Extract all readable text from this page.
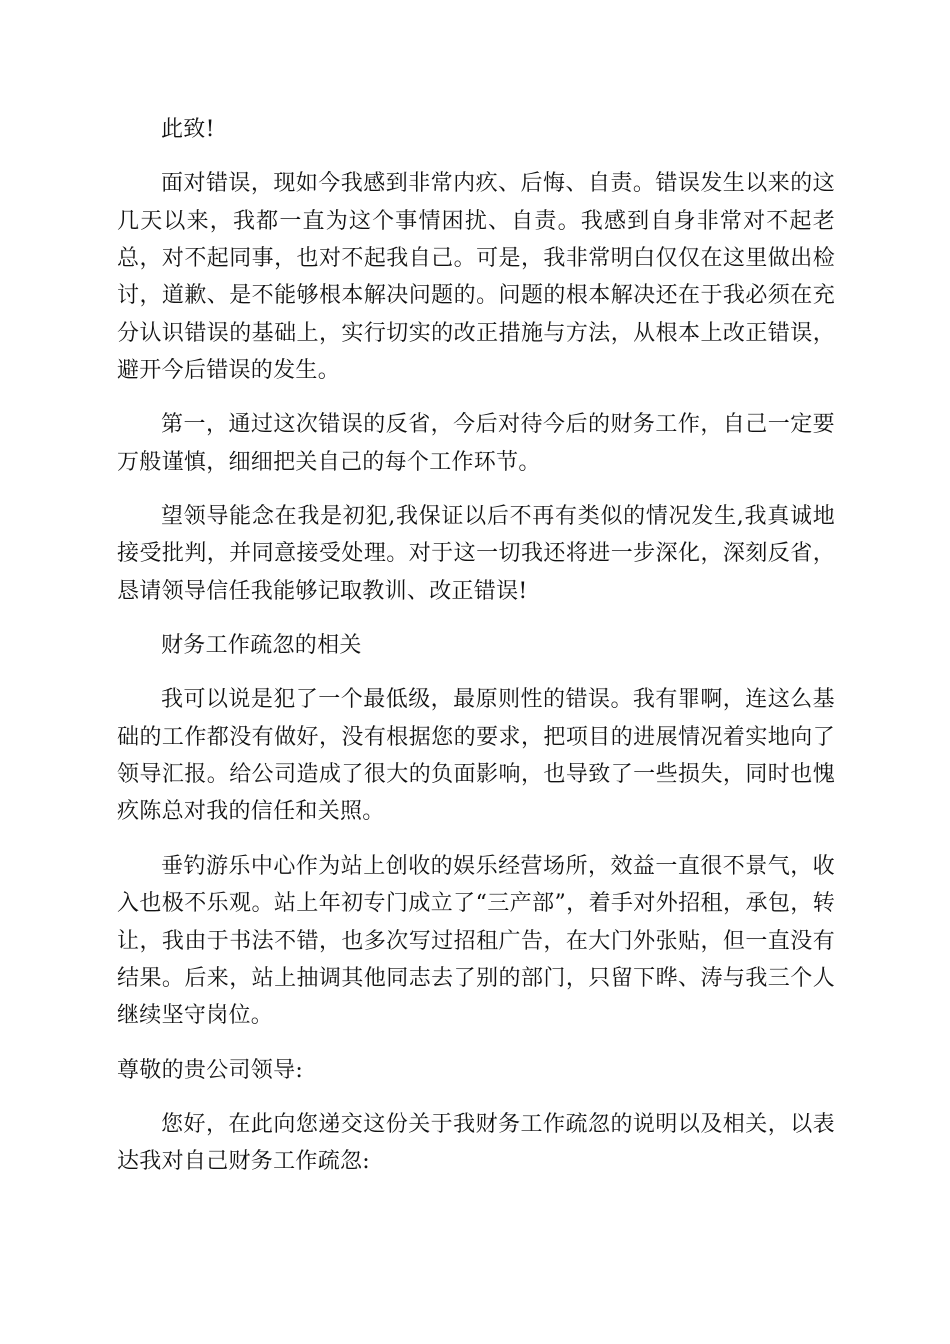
此致!

面对错误，现如今我感到非常内疚、后悔、自责。错误发生以来的这几天以来，我都一直为这个事情困扰、自责。我感到自身非常对不起老总，对不起同事，也对不起我自己。可是，我非常明白仅仅在这里做出检讨，道歉、是不能够根本解决问题的。问题的根本解决还在于我必须在充分认识错误的基础上，实行切实的改正措施与方法，从根本上改正错误，避开今后错误的发生。

第一，通过这次错误的反省，今后对待今后的财务工作，自己一定要万般谨慎，细细把关自己的每个工作环节。

望领导能念在我是初犯,我保证以后不再有类似的情况发生,我真诚地接受批判，并同意接受处理。对于这一切我还将进一步深化，深刻反省，恳请领导信任我能够记取教训、改正错误!

财务工作疏忽的相关

我可以说是犯了一个最低级，最原则性的错误。我有罪啊，连这么基础的工作都没有做好，没有根据您的要求，把项目的进展情况着实地向了领导汇报。给公司造成了很大的负面影响，也导致了一些损失，同时也愧疚陈总对我的信任和关照。

垂钓游乐中心作为站上创收的娱乐经营场所，效益一直很不景气，收入也极不乐观。站上年初专门成立了“三产部”，着手对外招租，承包，转让，我由于书法不错，也多次写过招租广告，在大门外张贴，但一直没有结果。后来，站上抽调其他同志去了别的部门，只留下晔、涛与我三个人继续坚守岗位。

尊敬的贵公司领导:

您好，在此向您递交这份关于我财务工作疏忽的说明以及相关，以表达我对自己财务工作疏忽:
